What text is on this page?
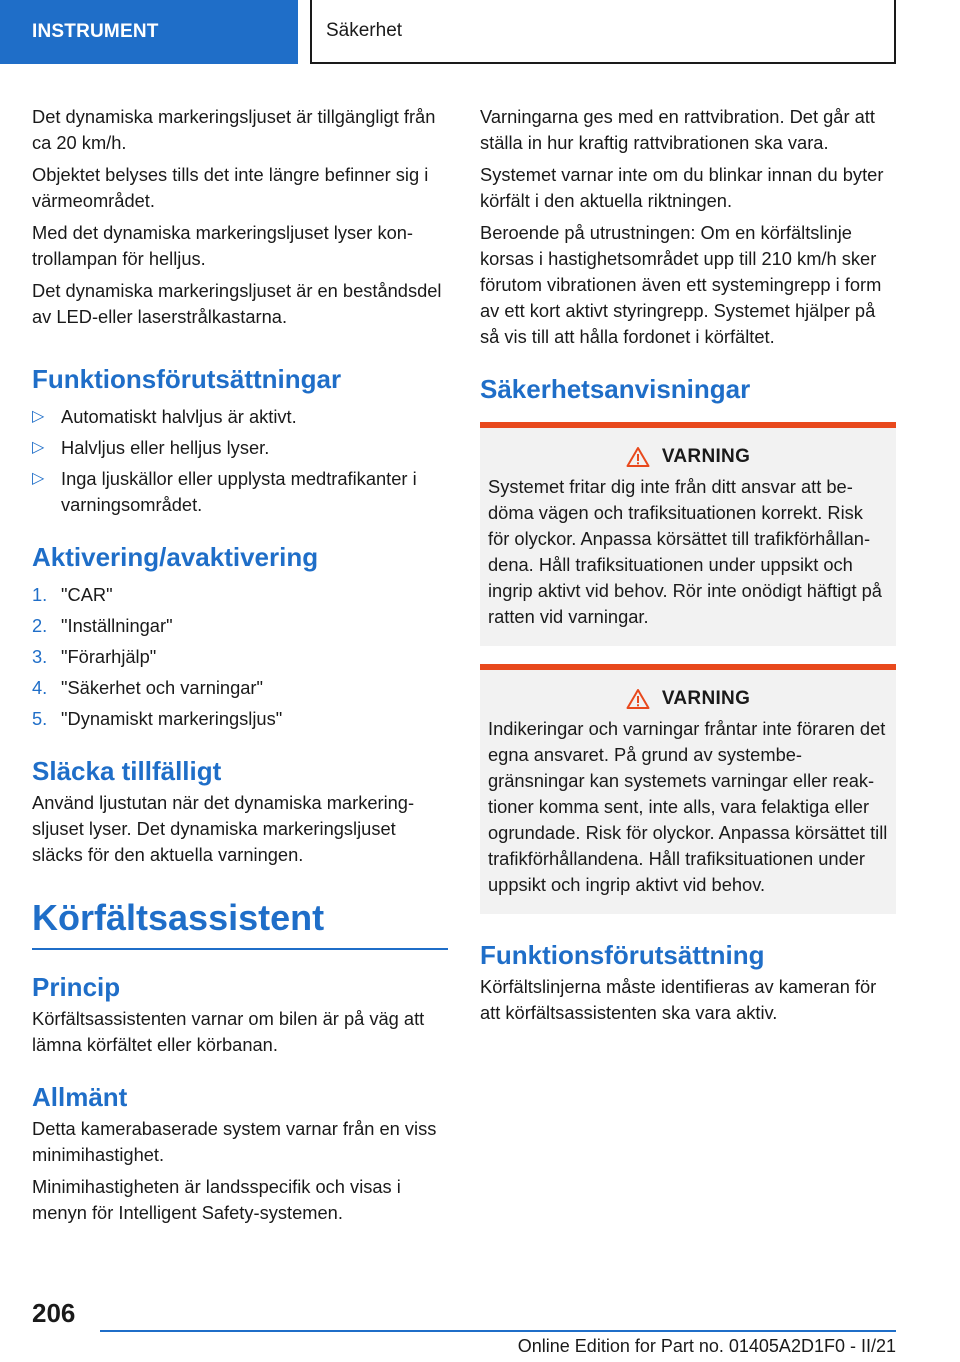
INSTRUMENT	Säkerhet

Det dynamiska markeringsljuset är tillgängligt från ca 20 km/h.

Objektet belyses tills det inte längre befinner sig i värmeområdet.

Med det dynamiska markeringsljuset lyser kontrollampan för helljus.

Det dynamiska markeringsljuset är en beståndsdel av LED-eller laserstrålkastarna.

Funktionsförutsättningar
▷ Automatiskt halvljus är aktivt.
▷ Halvljus eller helljus lyser.
▷ Inga ljuskällor eller upplysta medtrafikanter i varningsområdet.
Aktivering/avaktivering
1. "CAR"
2. "Inställningar"
3. "Förarhjälp"
4. "Säkerhet och varningar"
5. "Dynamiskt markeringsljus"
Släcka tillfälligt

Använd ljustutan när det dynamiska markeringsljuset lyser. Det dynamiska markeringsljuset släcks för den aktuella varningen.

Körfältsassistent
Princip

Körfältsassistenten varnar om bilen är på väg att lämna körfältet eller körbanan.

Allmänt

Detta kamerabaserade system varnar från en viss minimihastighet.

Minimihastigheten är landsspecifik och visas i menyn för Intelligent Safety-systemen.

Varningarna ges med en rattvibration. Det går att ställa in hur kraftig rattvibrationen ska vara.

Systemet varnar inte om du blinkar innan du byter körfält i den aktuella riktningen.

Beroende på utrustningen: Om en körfältslinje korsas i hastighetsområdet upp till 210 km/h sker förutom vibrationen även ett systemingrepp i form av ett kort aktivt styringrepp. Systemet hjälper på så vis till att hålla fordonet i körfältet.

Säkerhetsanvisningar
VARNING

Systemet fritar dig inte från ditt ansvar att bedöma vägen och trafiksituationen korrekt. Risk för olyckor. Anpassa körsättet till trafikförhållandena. Håll trafiksituationen under uppsikt och ingrip aktivt vid behov. Rör inte onödigt häftigt på ratten vid varningar.

VARNING

Indikeringar och varningar fråntar inte föraren det egna ansvaret. På grund av systembegränsningar kan systemets varningar eller reaktioner komma sent, inte alls, vara felaktiga eller ogrundade. Risk för olyckor. Anpassa körsättet till trafikförhållandena. Håll trafiksituationen under uppsikt och ingrip aktivt vid behov.

Funktionsförutsättning

Körfältslinjerna måste identifieras av kameran för att körfältsassistenten ska vara aktiv.

206
Online Edition for Part no. 01405A2D1F0 - II/21
